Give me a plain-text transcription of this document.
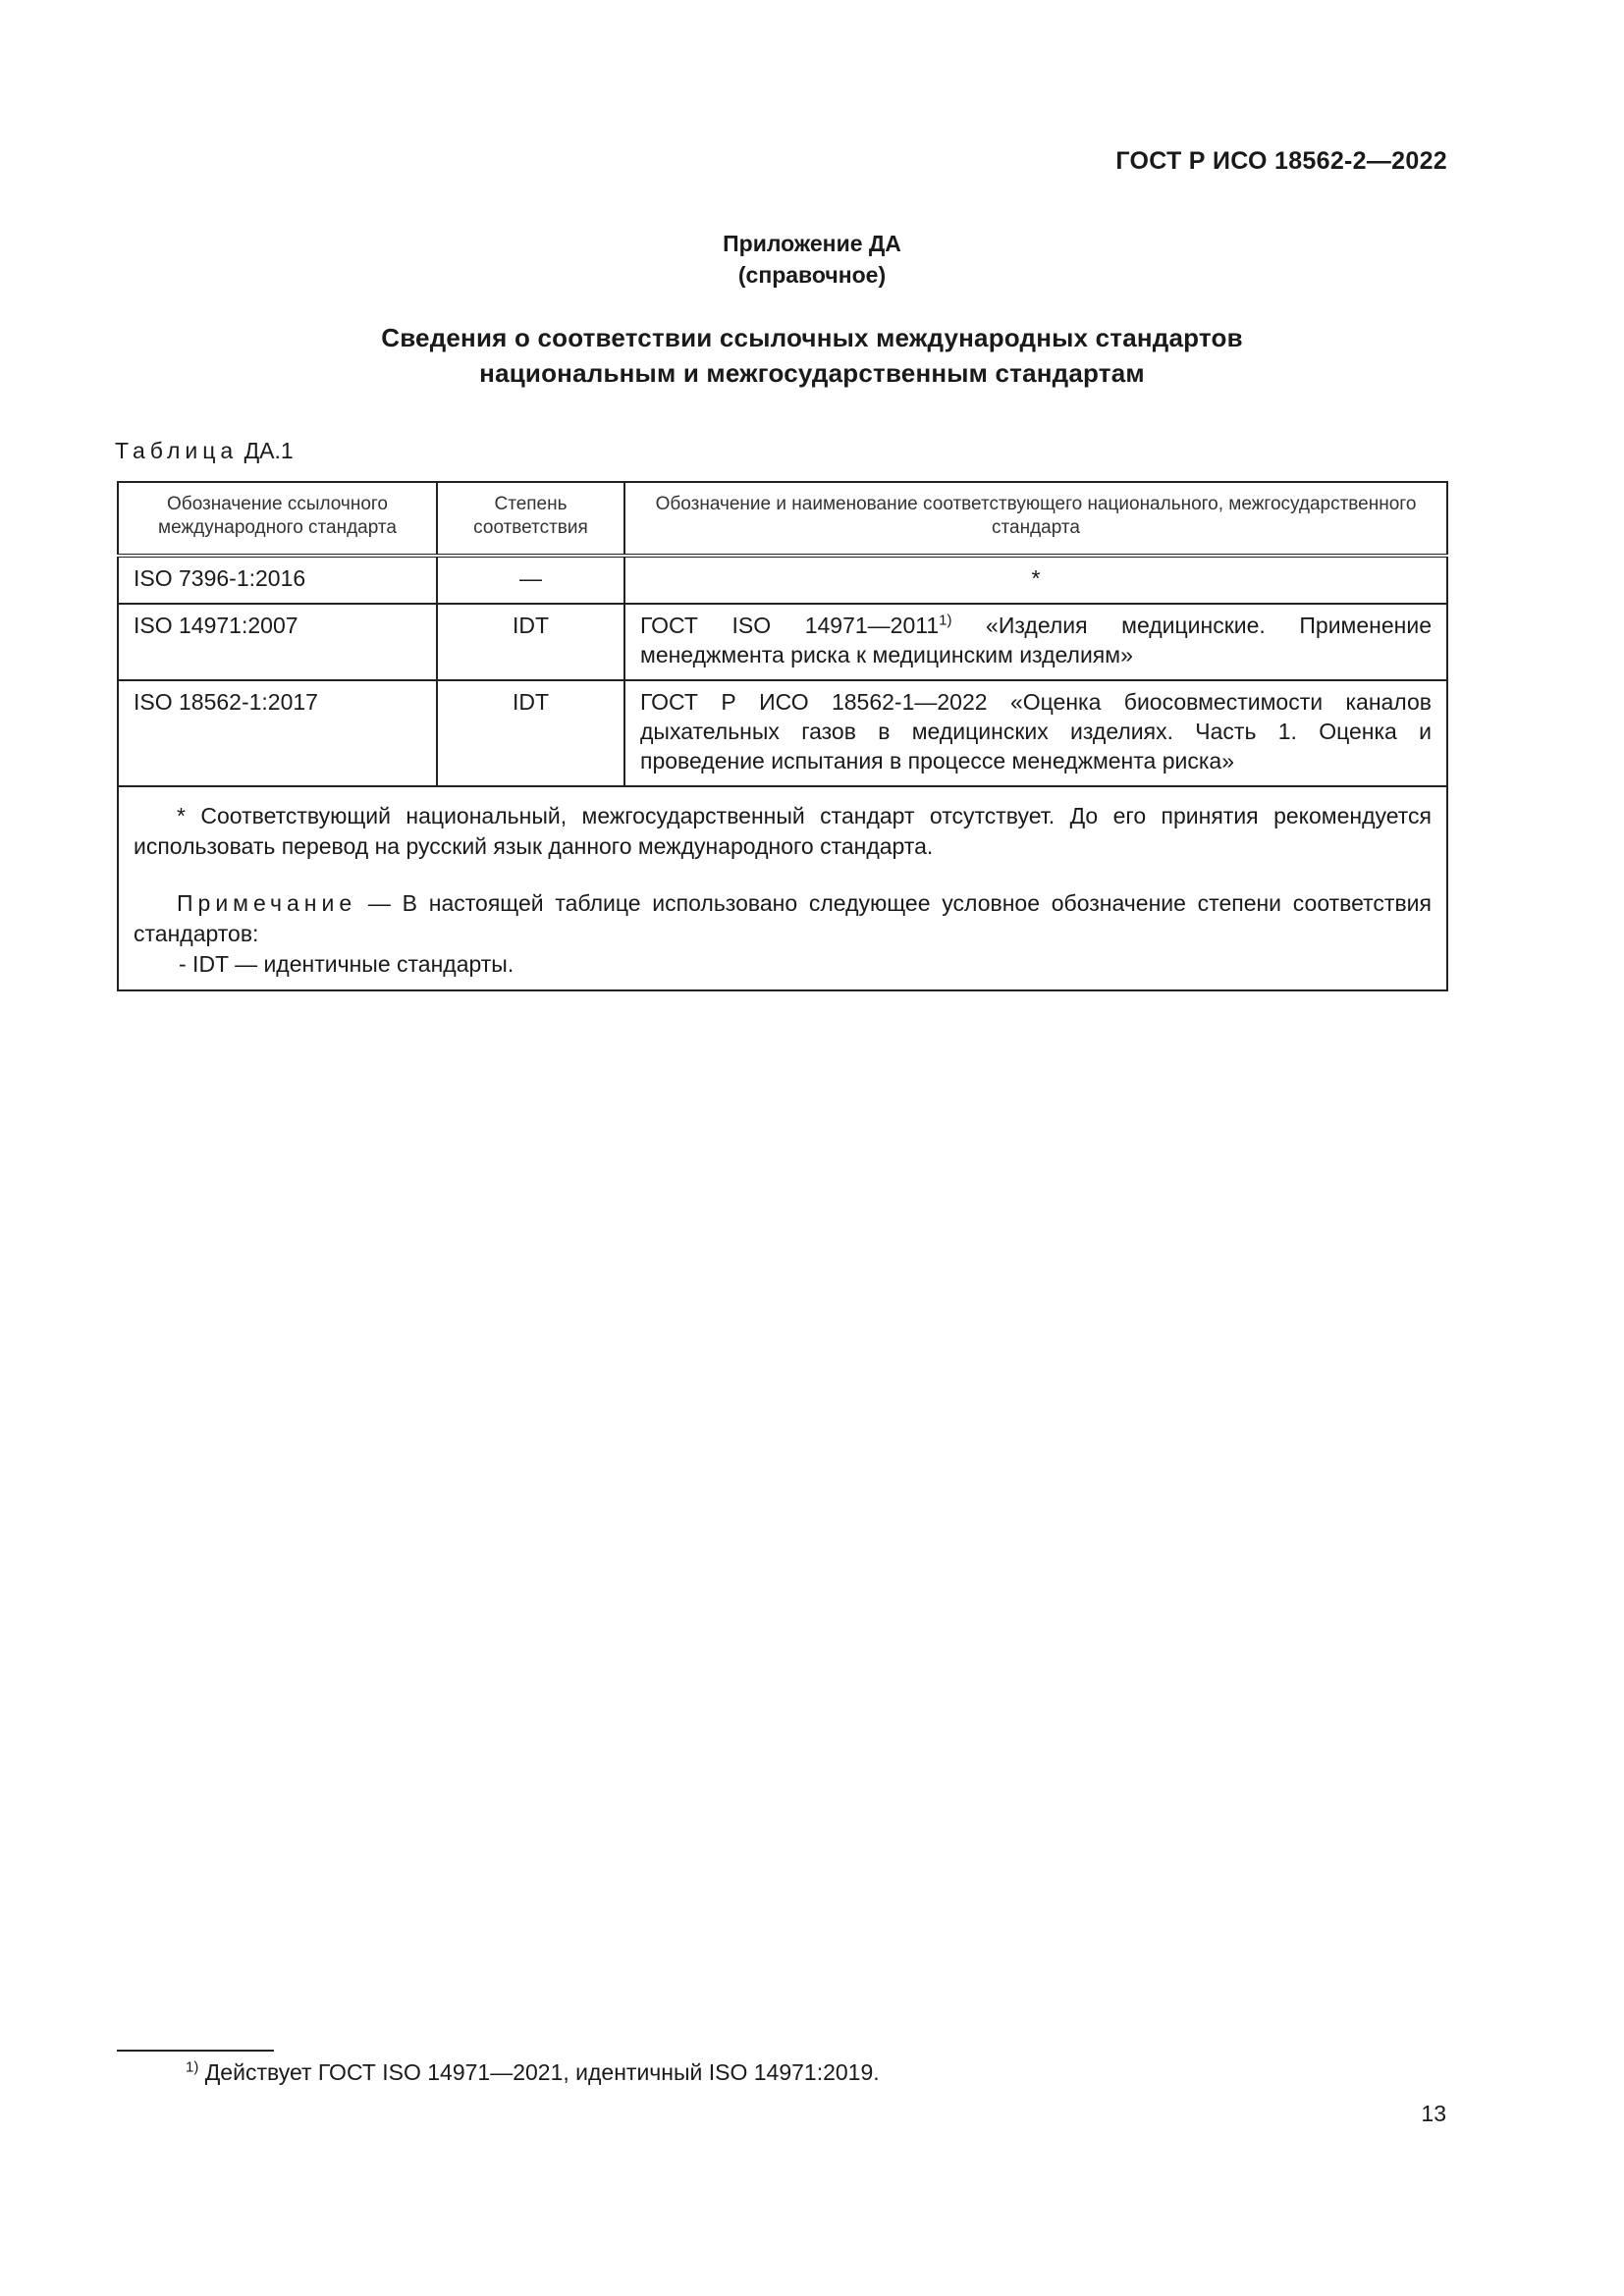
ГОСТ Р ИСО 18562-2—2022
Приложение ДА
(справочное)
Сведения о соответствии ссылочных международных стандартов
национальным и межгосударственным стандартам
Таблица ДА.1
Обозначение ссылочного международного стандарта	Степень соответствия	Обозначение и наименование соответствующего национального, межгосударственного стандарта
ISO 7396-1:2016	—	*
ISO 14971:2007	IDT	ГОСТ ISO 14971—2011$^{1)}$ «Изделия медицинские. Применение менеджмента риска к медицинским изделиям»
ISO 18562-1:2017	IDT	ГОСТ Р ИСО 18562-1—2022 «Оценка биосовместимости каналов дыхательных газов в медицинских изделиях. Часть 1. Оценка и проведение испытания в процессе менеджмента риска»

* Соответствующий национальный, межгосударственный стандарт отсутствует. До его принятия рекомендуется использовать перевод на русский язык данного международного стандарта.

Примечание — В настоящей таблице использовано следующее условное обозначение степени соответствия стандартов:

- IDT — идентичные стандарты.		

$^{1)}$ Действует ГОСТ ISO 14971—2021, идентичный ISO 14971:2019.
13
